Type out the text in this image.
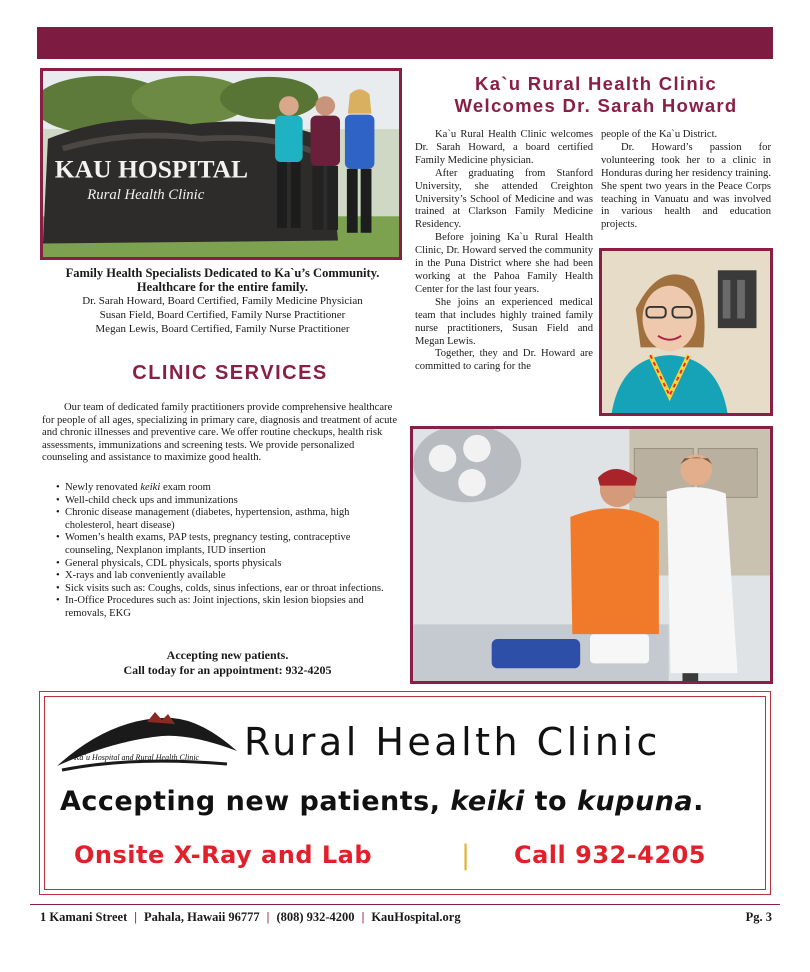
KAU HOSPITAL
Rural Health Clinic
Family Health Specialists Dedicated to Ka`u’s Community.
Healthcare for the entire family.
Dr. Sarah Howard, Board Certified, Family Medicine Physician
Susan Field, Board Certified, Family Nurse Practitioner
Megan Lewis, Board Certified, Family Nurse Practitioner
CLINIC SERVICES
Our team of dedicated family practitioners provide comprehensive healthcare for people of all ages, specializing in primary care, diagnosis and treatment of acute and chronic illnesses and preventive care. We offer routine checkups, health risk assessments, immunizations and screening tests. We provide personalized counseling and assistance to maximize good health.
• Newly renovated keiki exam room
• Well-child check ups and immunizations
• Chronic disease management (diabetes, hypertension, asthma, high cholesterol, heart disease)
• Women’s health exams, PAP tests, pregnancy testing, contraceptive counseling, Nexplanon implants, IUD insertion
• General physicals, CDL physicals, sports physicals
• X-rays and lab conveniently available
• Sick visits such as: Coughs, colds, sinus infections, ear or throat infections.
• In-Office Procedures such as: Joint injections, skin lesion biopsies and removals, EKG
Accepting new patients.
Call today for an appointment: 932-4205
Ka`u Rural Health Clinic
Welcomes Dr. Sarah Howard

Ka`u Rural Health Clinic welcomes Dr. Sarah Howard, a board certified Family Medicine physician.

After graduating from Stanford University, she attended Creighton University’s School of Medicine and was trained at Clarkson Family Medicine Residency.

Before joining Ka`u Rural Health Clinic, Dr. Howard served the community in the Puna District where she had been working at the Pahoa Family Health Center for the last four years.

She joins an experienced medical team that includes highly trained family nurse practitioners, Susan Field and Megan Lewis.

Together, they and Dr. Howard are committed to caring for the

people of the Ka`u District.

Dr. Howard’s passion for volunteering took her to a clinic in Honduras during her residency training. She spent two years in the Peace Corps teaching in Vanuatu and was involved in various health and education projects.

Ka`u Hospital and Rural Health Clinic Rural Health Clinic
Accepting new patients, keiki to kupuna.
Onsite X-Ray and Lab	| Call 932-4205
1 Kamani Street | Pahala, Hawaii 96777 | (808) 932-4200 | KauHospital.org	Pg. 3
